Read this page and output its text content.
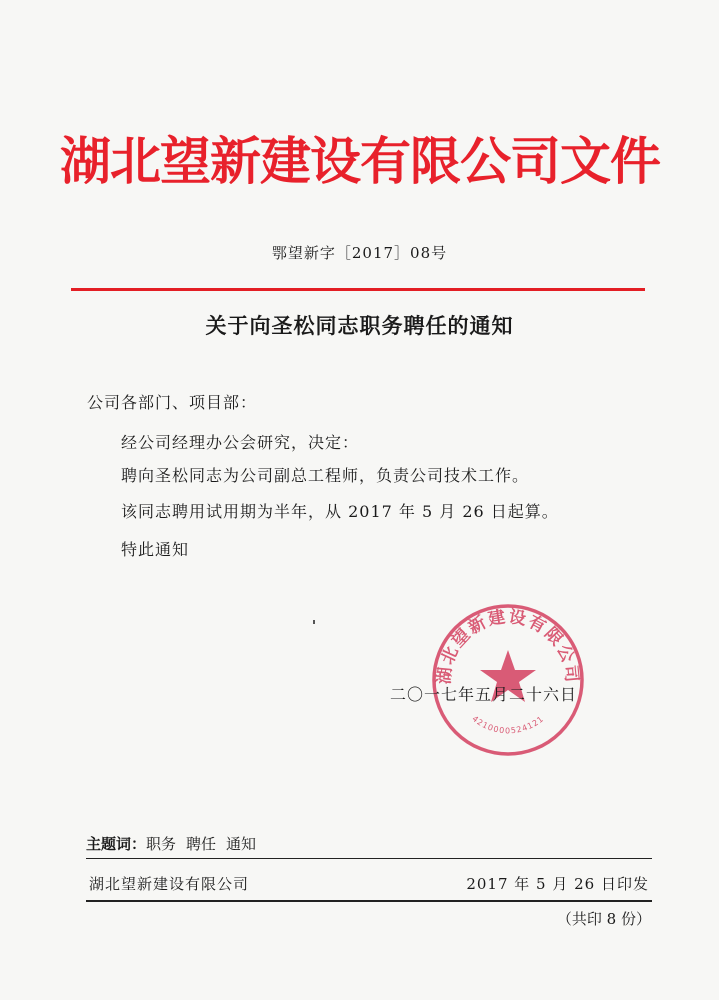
湖北望新建设有限公司文件
鄂望新字［2017］08号
关于向圣松同志职务聘任的通知
公司各部门、项目部：
经公司经理办公会研究，决定：
聘向圣松同志为公司副总工程师，负责公司技术工作。
该同志聘用试用期为半年，从 2017 年 5 月 26 日起算。
特此通知
湖北望新建设有限公司
4210000524121
二〇一七年五月二十六日
主题词：职务 聘任 通知
湖北望新建设有限公司	2017 年 5 月 26 日印发
（共印 8 份）
